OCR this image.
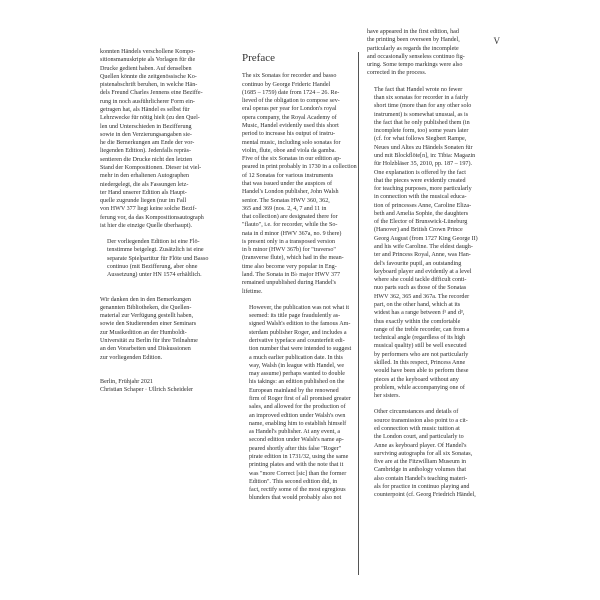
V

konnten Händels verschollene Kompo-
sitionsmanuskripte als Vorlagen für die
Drucke gedient haben. Auf denselben
Quellen könnte die zeitgenössische Ko-
pistenabschrift beruhen, in welche Hän-
dels Freund Charles Jennens eine Beziffe-
rung in noch ausführlicherer Form ein-
getragen hat, als Händel es selbst für
Lehrzwecke für nötig hielt (zu den Quel-
len und Unterschieden in Bezifferung
sowie in den Verzierungsangaben sie-
he die Bemerkungen am Ende der vor-
liegenden Edition). Jedenfalls repräs-
sentieren die Drucke nicht den letzten
Stand der Kompositionen. Dieser ist viel-
mehr in den erhaltenen Autographen
niedergelegt, die als Fassungen letz-
ter Hand unserer Edition als Haupt-
quelle zugrunde liegen (nur im Fall
von HWV 377 liegt keine solche Bezif-
ferung vor, da das Kompositionsautograph
ist hier die einzige Quelle überhaupt).

Der vorliegenden Edition ist eine Flö-
tenstimme beigelegt. Zusätzlich ist eine
separate Spielpartitur für Flöte und Basso
continuo (mit Bezifferung, aber ohne
Aussetzung) unter HN 1574 erhältlich.

Wir danken den in den Bemerkungen
genannten Bibliotheken, die Quellen-
material zur Verfügung gestellt haben,
sowie den Studierenden einer Seminars
zur Musikedition an der Humboldt-
Universität zu Berlin für ihre Teilnahme
an den Vorarbeiten und Diskussionen
zur vorliegenden Edition.

Berlin, Frühjahr 2021
Christian Schaper · Ullrich Scheideler

Preface

The six Sonatas for recorder and basso
continuo by George Frideric Handel
(1685 – 1759) date from 1724 – 26. Re-
lieved of the obligation to compose sev-
eral operas per year for London's royal
opera company, the Royal Academy of
Music, Handel evidently used this short
period to increase his output of instru-
mental music, including solo sonatas for
violin, flute, oboe and viola da gamba.
Five of the six Sonatas in our edition ap-
peared in print probably in 1730 in a collection
of 12 Sonatas for various instruments
that was issued under the auspices of
Handel's London publisher, John Walsh
senior. The Sonatas HWV 360, 362,
365 and 369 (nos. 2, 4, 7 and 11 in
that collection) are designated there for
"flauto", i.e. for recorder, while the So-
nata in d minor (HWV 367a, no. 9 there)
is present only in a transposed version
in b minor (HWV 367b) for "traverso"
(transverse flute), which had in the mean-
time also become very popular in Eng-
land. The Sonata in B♭ major HWV 377
remained unpublished during Handel's
lifetime.

However, the publication was not what it
seemed: its title page fraudulently as-
signed Walsh's edition to the famous Am-
sterdam publisher Roger, and includes a
derivative typeface and counterfeit edi-
tion number that were intended to suggest
a much earlier publication date. In this
way, Walsh (in league with Handel, we
may assume) perhaps wanted to double
his takings: an edition published on the
European mainland by the renowned
firm of Roger first of all promised greater
sales, and allowed for the production of
an improved edition under Walsh's own
name, enabling him to establish himself
as Handel's publisher. At any event, a
second edition under Walsh's name ap-
peared shortly after this false "Roger"
pirate edition in 1731/32, using the same
printing plates and with the note that it
was "more Correct [sic] than the former
Edition". This second edition did, in
fact, rectify some of the most egregious
blunders that would probably also not

have appeared in the first edition, had
the printing been overseen by Handel,
particularly as regards the incomplete
and occasionally senseless continuo fig-
uring. Some tempo markings were also
corrected in the process.

The fact that Handel wrote no fewer
than six sonatas for recorder in a fairly
short time (more than for any other solo
instrument) is somewhat unusual, as is
the fact that he only published them (in
incomplete form, too) some years later
(cf. for what follows Siegbert Rampe,
Neues und Altes zu Händels Sonaten für
und mit Blockflöte[n], in: Tibia: Magazin
für Holzbläser 35, 2010, pp. 187 – 197).
One explanation is offered by the fact
that the pieces were evidently created
for teaching purposes, more particularly
in connection with the musical educa-
tion of princesses Anne, Caroline Eliza-
beth and Amelia Sophie, the daughters
of the Elector of Brunswick-Lüneburg
(Hanover) and British Crown Prince
Georg August (from 1727 King George II)
and his wife Caroline. The eldest daugh-
ter and Princess Royal, Anne, was Han-
del's favourite pupil, an outstanding
keyboard player and evidently at a level
where she could tackle difficult conti-
nuo parts such as those of the Sonatas
HWV 362, 365 and 367a. The recorder
part, on the other hand, which at its
widest has a range between f¹ and d³,
thus exactly within the comfortable
range of the treble recorder, can from a
technical angle (regardless of its high
musical quality) still be well executed
by performers who are not particularly
skilled. In this respect, Princess Anne
would have been able to perform these
pieces at the keyboard without any
problem, while accompanying one of
her sisters.

Other circumstances and details of
source transmission also point to a cit-
ed connection with music tuition at
the London court, and particularly to
Anne as keyboard player. Of Handel's
surviving autographs for all six Sonatas,
five are at the Fitzwilliam Museum in
Cambridge in anthology volumes that
also contain Handel's teaching materi-
als for practice in continuo playing and
counterpoint (cf. Georg Friedrich Händel,
